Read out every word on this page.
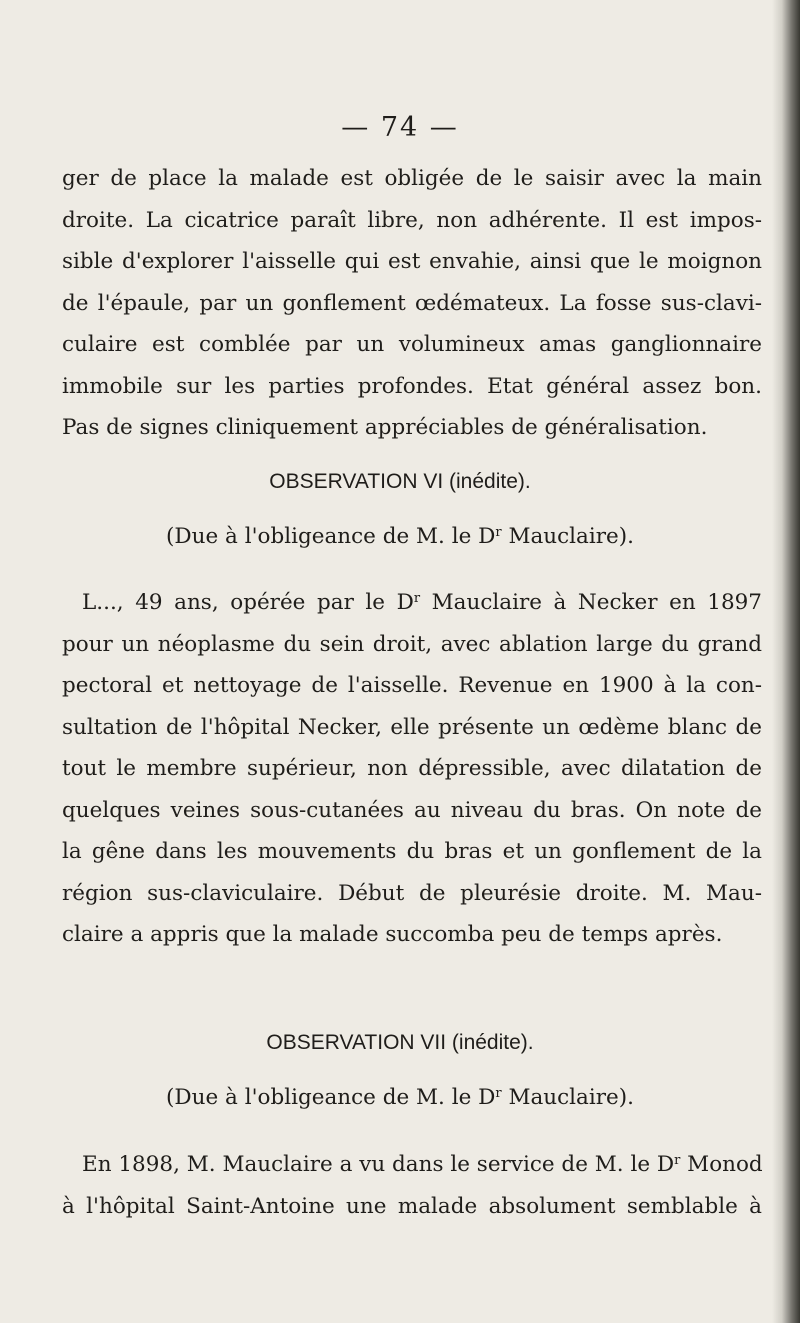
— 74 —
ger de place la malade est obligée de le saisir avec la main
droite. La cicatrice paraît libre, non adhérente. Il est impos-
sible d'explorer l'aisselle qui est envahie, ainsi que le moignon
de l'épaule, par un gonflement œdémateux. La fosse sus-clavi-
culaire est comblée par un volumineux amas ganglionnaire
immobile sur les parties profondes. Etat général assez bon.
Pas de signes cliniquement appréciables de généralisation.
OBSERVATION VI (inédite).
(Due à l'obligeance de M. le $D^r$ Mauclaire).
L..., 49 ans, opérée par le $D^r$ Mauclaire à Necker en 1897
pour un néoplasme du sein droit, avec ablation large du grand
pectoral et nettoyage de l'aisselle. Revenue en 1900 à la con-
sultation de l'hôpital Necker, elle présente un œdème blanc de
tout le membre supérieur, non dépressible, avec dilatation de
quelques veines sous-cutanées au niveau du bras. On note de
la gêne dans les mouvements du bras et un gonflement de la
région sus-claviculaire. Début de pleurésie droite. M. Mau-
claire a appris que la malade succomba peu de temps après.
OBSERVATION VII (inédite).
(Due à l'obligeance de M. le $D^r$ Mauclaire).
En 1898, M. Mauclaire a vu dans le service de M. le $D^r$ Monod
à l'hôpital Saint-Antoine une malade absolument semblable à
